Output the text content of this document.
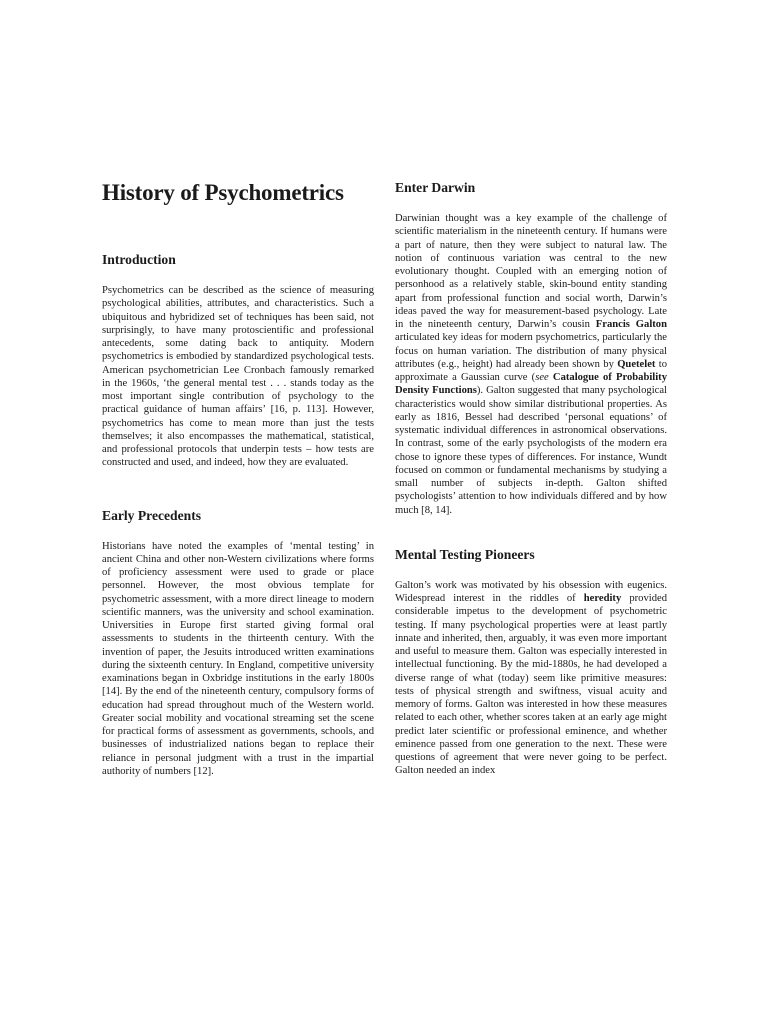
History of Psychometrics
Introduction

Psychometrics can be described as the science of measuring psychological abilities, attributes, and characteristics. Such a ubiquitous and hybridized set of techniques has been said, not surprisingly, to have many protoscientific and professional antecedents, some dating back to antiquity. Modern psychometrics is embodied by standardized psychological tests. American psychometrician Lee Cronbach famously remarked in the 1960s, ‘the general mental test . . . stands today as the most important single contribution of psychology to the practical guidance of human affairs’ [16, p. 113]. However, psychometrics has come to mean more than just the tests themselves; it also encompasses the mathematical, statistical, and professional protocols that underpin tests – how tests are constructed and used, and indeed, how they are evaluated.

Early Precedents

Historians have noted the examples of ‘mental testing’ in ancient China and other non-Western civilizations where forms of proficiency assessment were used to grade or place personnel. However, the most obvious template for psychometric assessment, with a more direct lineage to modern scientific manners, was the university and school examination. Universities in Europe first started giving formal oral assessments to students in the thirteenth century. With the invention of paper, the Jesuits introduced written examinations during the sixteenth century. In England, competitive university examinations began in Oxbridge institutions in the early 1800s [14]. By the end of the nineteenth century, compulsory forms of education had spread throughout much of the Western world. Greater social mobility and vocational streaming set the scene for practical forms of assessment as governments, schools, and businesses of industrialized nations began to replace their reliance in personal judgment with a trust in the impartial authority of numbers [12].

Enter Darwin

Darwinian thought was a key example of the challenge of scientific materialism in the nineteenth century. If humans were a part of nature, then they were subject to natural law. The notion of continuous variation was central to the new evolutionary thought. Coupled with an emerging notion of personhood as a relatively stable, skin-bound entity standing apart from professional function and social worth, Darwin’s ideas paved the way for measurement-based psychology. Late in the nineteenth century, Darwin’s cousin Francis Galton articulated key ideas for modern psychometrics, particularly the focus on human variation. The distribution of many physical attributes (e.g., height) had already been shown by Quetelet to approximate a Gaussian curve (see Catalogue of Probability Density Functions). Galton suggested that many psychological characteristics would show similar distributional properties. As early as 1816, Bessel had described ‘personal equations’ of systematic individual differences in astronomical observations. In contrast, some of the early psychologists of the modern era chose to ignore these types of differences. For instance, Wundt focused on common or fundamental mechanisms by studying a small number of subjects in-depth. Galton shifted psychologists’ attention to how individuals differed and by how much [8, 14].

Mental Testing Pioneers

Galton’s work was motivated by his obsession with eugenics. Widespread interest in the riddles of heredity provided considerable impetus to the development of psychometric testing. If many psychological properties were at least partly innate and inherited, then, arguably, it was even more important and useful to measure them. Galton was especially interested in intellectual functioning. By the mid-1880s, he had developed a diverse range of what (today) seem like primitive measures: tests of physical strength and swiftness, visual acuity and memory of forms. Galton was interested in how these measures related to each other, whether scores taken at an early age might predict later scientific or professional eminence, and whether eminence passed from one generation to the next. These were questions of agreement that were never going to be perfect. Galton needed an index
